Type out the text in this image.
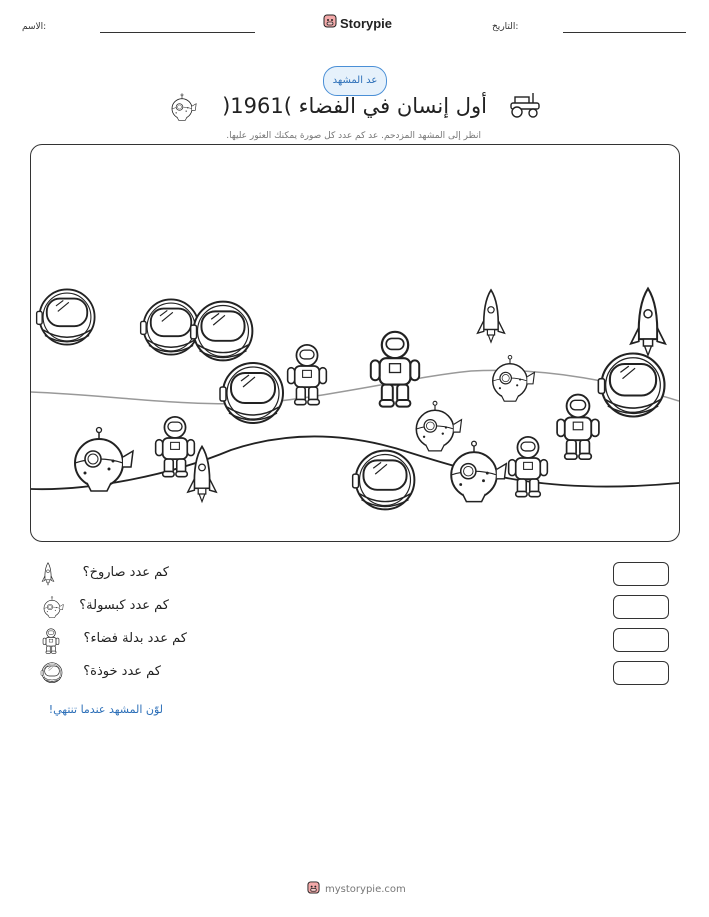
الاسم:	Storypie	التاريخ:
عد المشهد
أول إنسان في الفضاء )1961(
انظر إلى المشهد المزدحم. عد كم عدد كل صورة يمكنك العثور عليها.
كم عدد صاروخ؟
كم عدد كبسولة؟
كم عدد بدلة فضاء؟
كم عدد خوذة؟
لوّن المشهد عندما تنتهي!
mystorypie.com
